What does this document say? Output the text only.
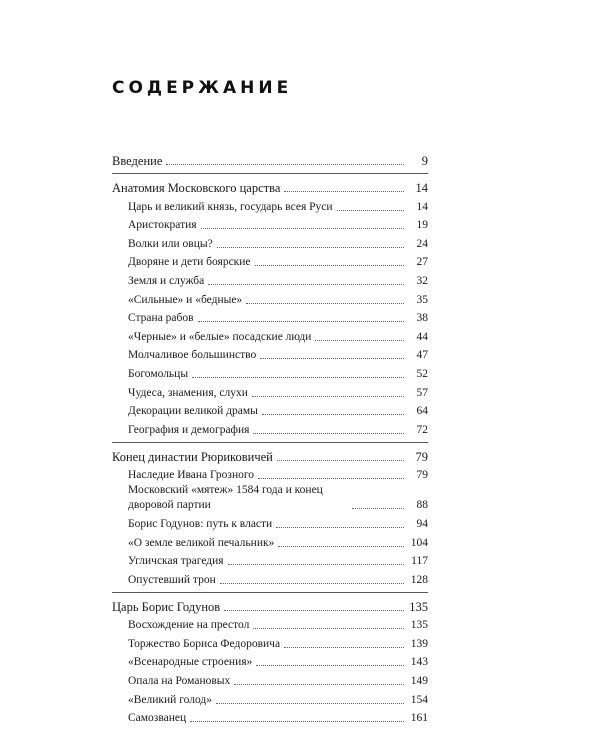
СОДЕРЖАНИЕ
Введение	9
Анатомия Московского царства	14
Царь и великий князь, государь всея Руси	14
Аристократия	19
Волки или овцы?	24
Дворяне и дети боярские	27
Земля и служба	32
«Сильные» и «бедные»	35
Страна рабов	38
«Черные» и «белые» посадские люди	44
Молчаливое большинство	47
Богомольцы	52
Чудеса, знамения, слухи	57
Декорации великой драмы	64
География и демография	72
Конец династии Рюриковичей	79
Наследие Ивана Грозного	79
Московский «мятеж» 1584 года и конец дворовой партии	88
Борис Годунов: путь к власти	94
«О земле великой печальник»	104
Угличская трагедия	117
Опустевший трон	128
Царь Борис Годунов	135
Восхождение на престол	135
Торжество Бориса Федоровича	139
«Всенародные строения»	143
Опала на Романовых	149
«Великий голод»	154
Самозванец	161
